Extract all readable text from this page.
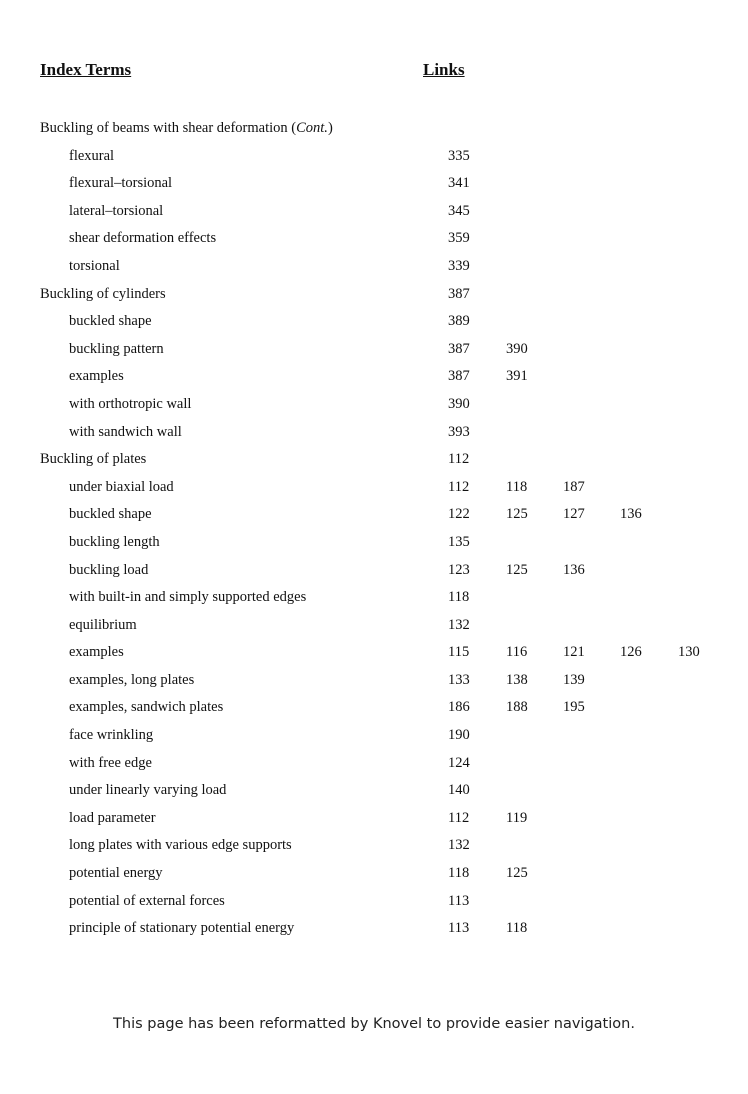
Index Terms	Links
Buckling of beams with shear deformation (Cont.)
flexural	335
flexural–torsional	341
lateral–torsional	345
shear deformation effects	359
torsional	339
Buckling of cylinders	387
buckled shape	389
buckling pattern	387	390
examples	387	391
with orthotropic wall	390
with sandwich wall	393
Buckling of plates	112
under biaxial load	112	118 187
buckled shape	122	125 127 136
buckling length	135
buckling load	123	125 136
with built-in and simply supported edges	118
equilibrium	132
examples	115	116 121 126	130
examples, long plates	133	138 139
examples, sandwich plates	186	188 195
face wrinkling	190
with free edge	124
under linearly varying load	140
load parameter	112	119
long plates with various edge supports	132
potential energy	118	125
potential of external forces	113
principle of stationary potential energy	113	118
This page has been reformatted by Knovel to provide easier navigation.
